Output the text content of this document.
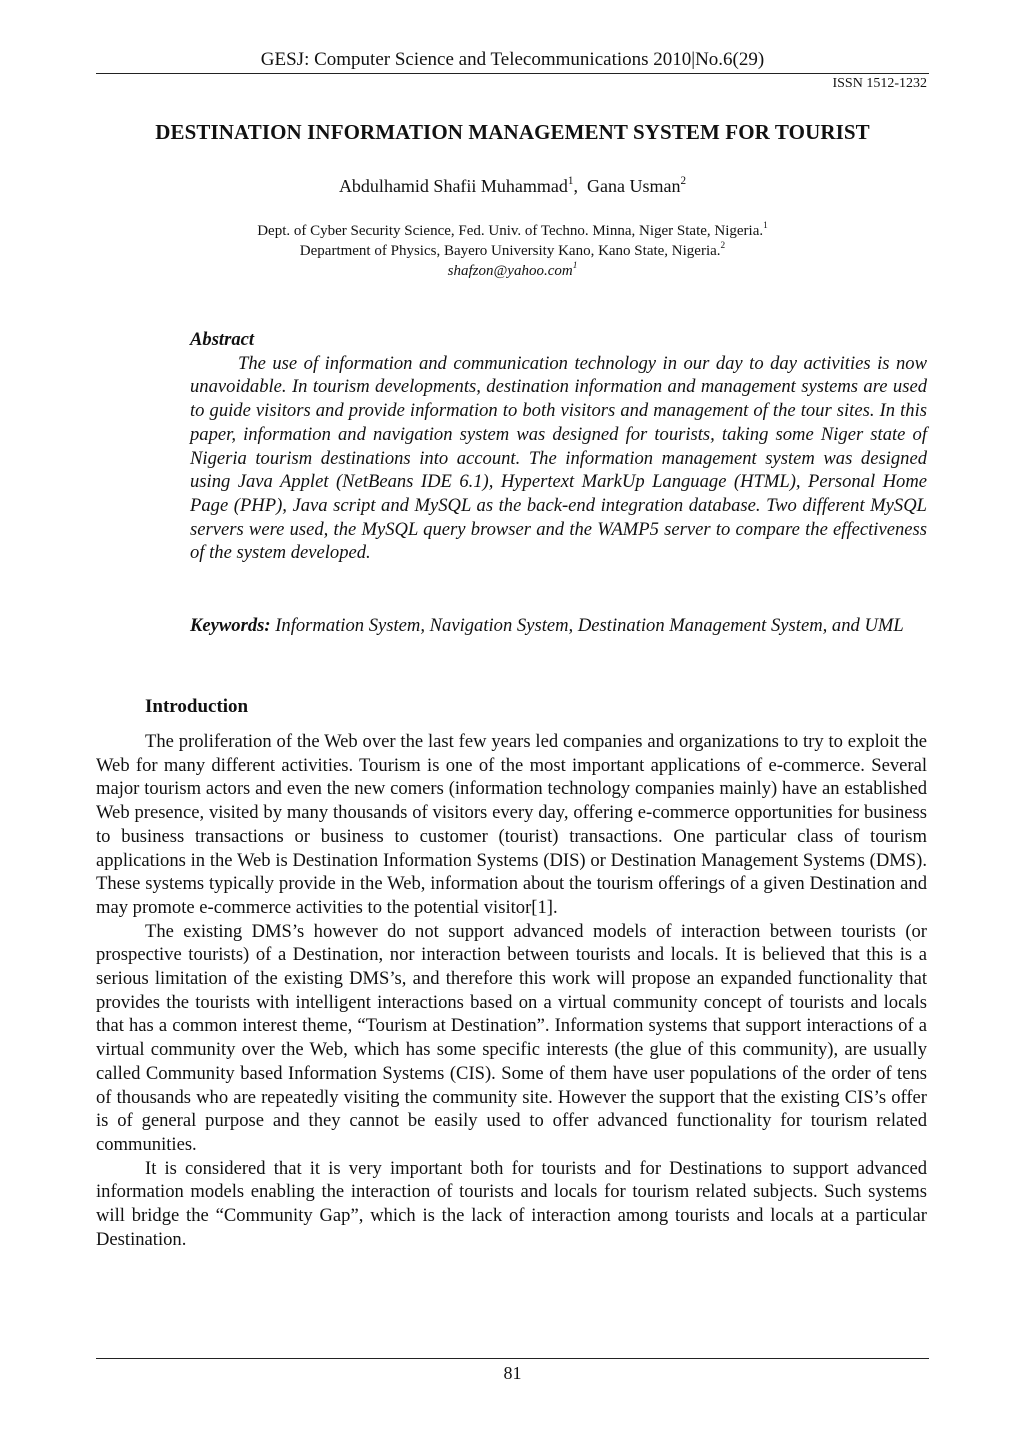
GESJ: Computer Science and Telecommunications 2010|No.6(29)
ISSN 1512-1232
DESTINATION INFORMATION MANAGEMENT SYSTEM FOR TOURIST
Abdulhamid Shafii Muhammad$^1$,  Gana Usman$^2$
Dept. of Cyber Security Science, Fed. Univ. of Techno. Minna, Niger State, Nigeria.$^1$
Department of Physics, Bayero University Kano, Kano State, Nigeria.$^2$
shafzon@yahoo.com$^1$
Abstract

The use of information and communication technology in our day to day activities is now unavoidable. In tourism developments, destination information and management systems are used to guide visitors and provide information to both visitors and management of the tour sites. In this paper, information and navigation system was designed for tourists, taking some Niger state of Nigeria tourism destinations into account. The information management system was designed using Java Applet (NetBeans IDE 6.1), Hypertext MarkUp Language (HTML), Personal Home Page (PHP), Java script and MySQL as the back-end integration database. Two different MySQL servers were used, the MySQL query browser and the WAMP5 server to compare the effectiveness of the system developed.

Keywords: Information System, Navigation System, Destination Management System, and UML
Introduction

The proliferation of the Web over the last few years led companies and organizations to try to exploit the Web for many different activities. Tourism is one of the most important applications of e-commerce. Several major tourism actors and even the new comers (information technology companies mainly) have an established Web presence, visited by many thousands of visitors every day, offering e-commerce opportunities for business to business transactions or business to customer (tourist) transactions. One particular class of tourism applications in the Web is Destination Information Systems (DIS) or Destination Management Systems (DMS). These systems typically provide in the Web, information about the tourism offerings of a given Destination and may promote e-commerce activities to the potential visitor[1].

The existing DMS’s however do not support advanced models of interaction between tourists (or prospective tourists) of a Destination, nor interaction between tourists and locals. It is believed that this is a serious limitation of the existing DMS’s, and therefore this work will propose an expanded functionality that provides the tourists with intelligent interactions based on a virtual community concept of tourists and locals that has a common interest theme, “Tourism at Destination”. Information systems that support interactions of a virtual community over the Web, which has some specific interests (the glue of this community), are usually called Community based Information Systems (CIS). Some of them have user populations of the order of tens of thousands who are repeatedly visiting the community site. However the support that the existing CIS’s offer is of general purpose and they cannot be easily used to offer advanced functionality for tourism related communities.

It is considered that it is very important both for tourists and for Destinations to support advanced information models enabling the interaction of tourists and locals for tourism related subjects. Such systems will bridge the “Community Gap”, which is the lack of interaction among tourists and locals at a particular Destination.

81
